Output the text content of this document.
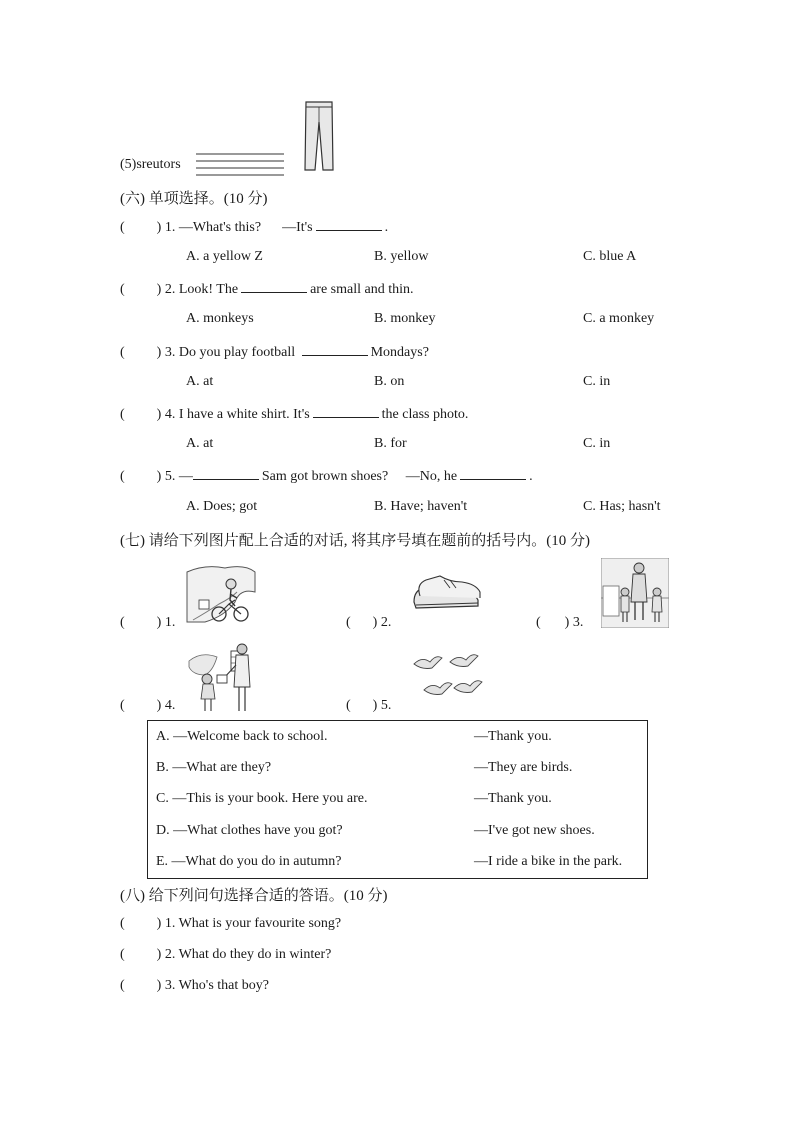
(5)sreutors
(六) 单项选择。(10 分)
( ) 1. —What's this? —It's	.
A. a yellow Z	B. yellow	C. blue A
( ) 2. Look! The	are small and thin.
A. monkeys	B. monkey	C. a monkey
( ) 3. Do you play football	Mondays?
A. at	B. on	C. in
( ) 4. I have a white shirt. It's	the class photo.
A. at	B. for	C. in
( ) 5. —	Sam got brown shoes? —No, he	.
A. Does; got	B. Have; haven't	C. Has; hasn't
(七) 请给下列图片配上合适的对话, 将其序号填在题前的括号内。(10 分)
( ) 1.	( ) 2.	( ) 3.
( ) 4.	( ) 5.
A. —Welcome back to school.	—Thank you.
B. —What are they?	—They are birds.
C. —This is your book. Here you are.	—Thank you.
D. —What clothes have you got?	—I've got new shoes.
E. —What do you do in autumn?	—I ride a bike in the park.
(八) 给下列问句选择合适的答语。(10 分)
( ) 1. What is your favourite song?
( ) 2. What do they do in winter?
( ) 3. Who's that boy?
